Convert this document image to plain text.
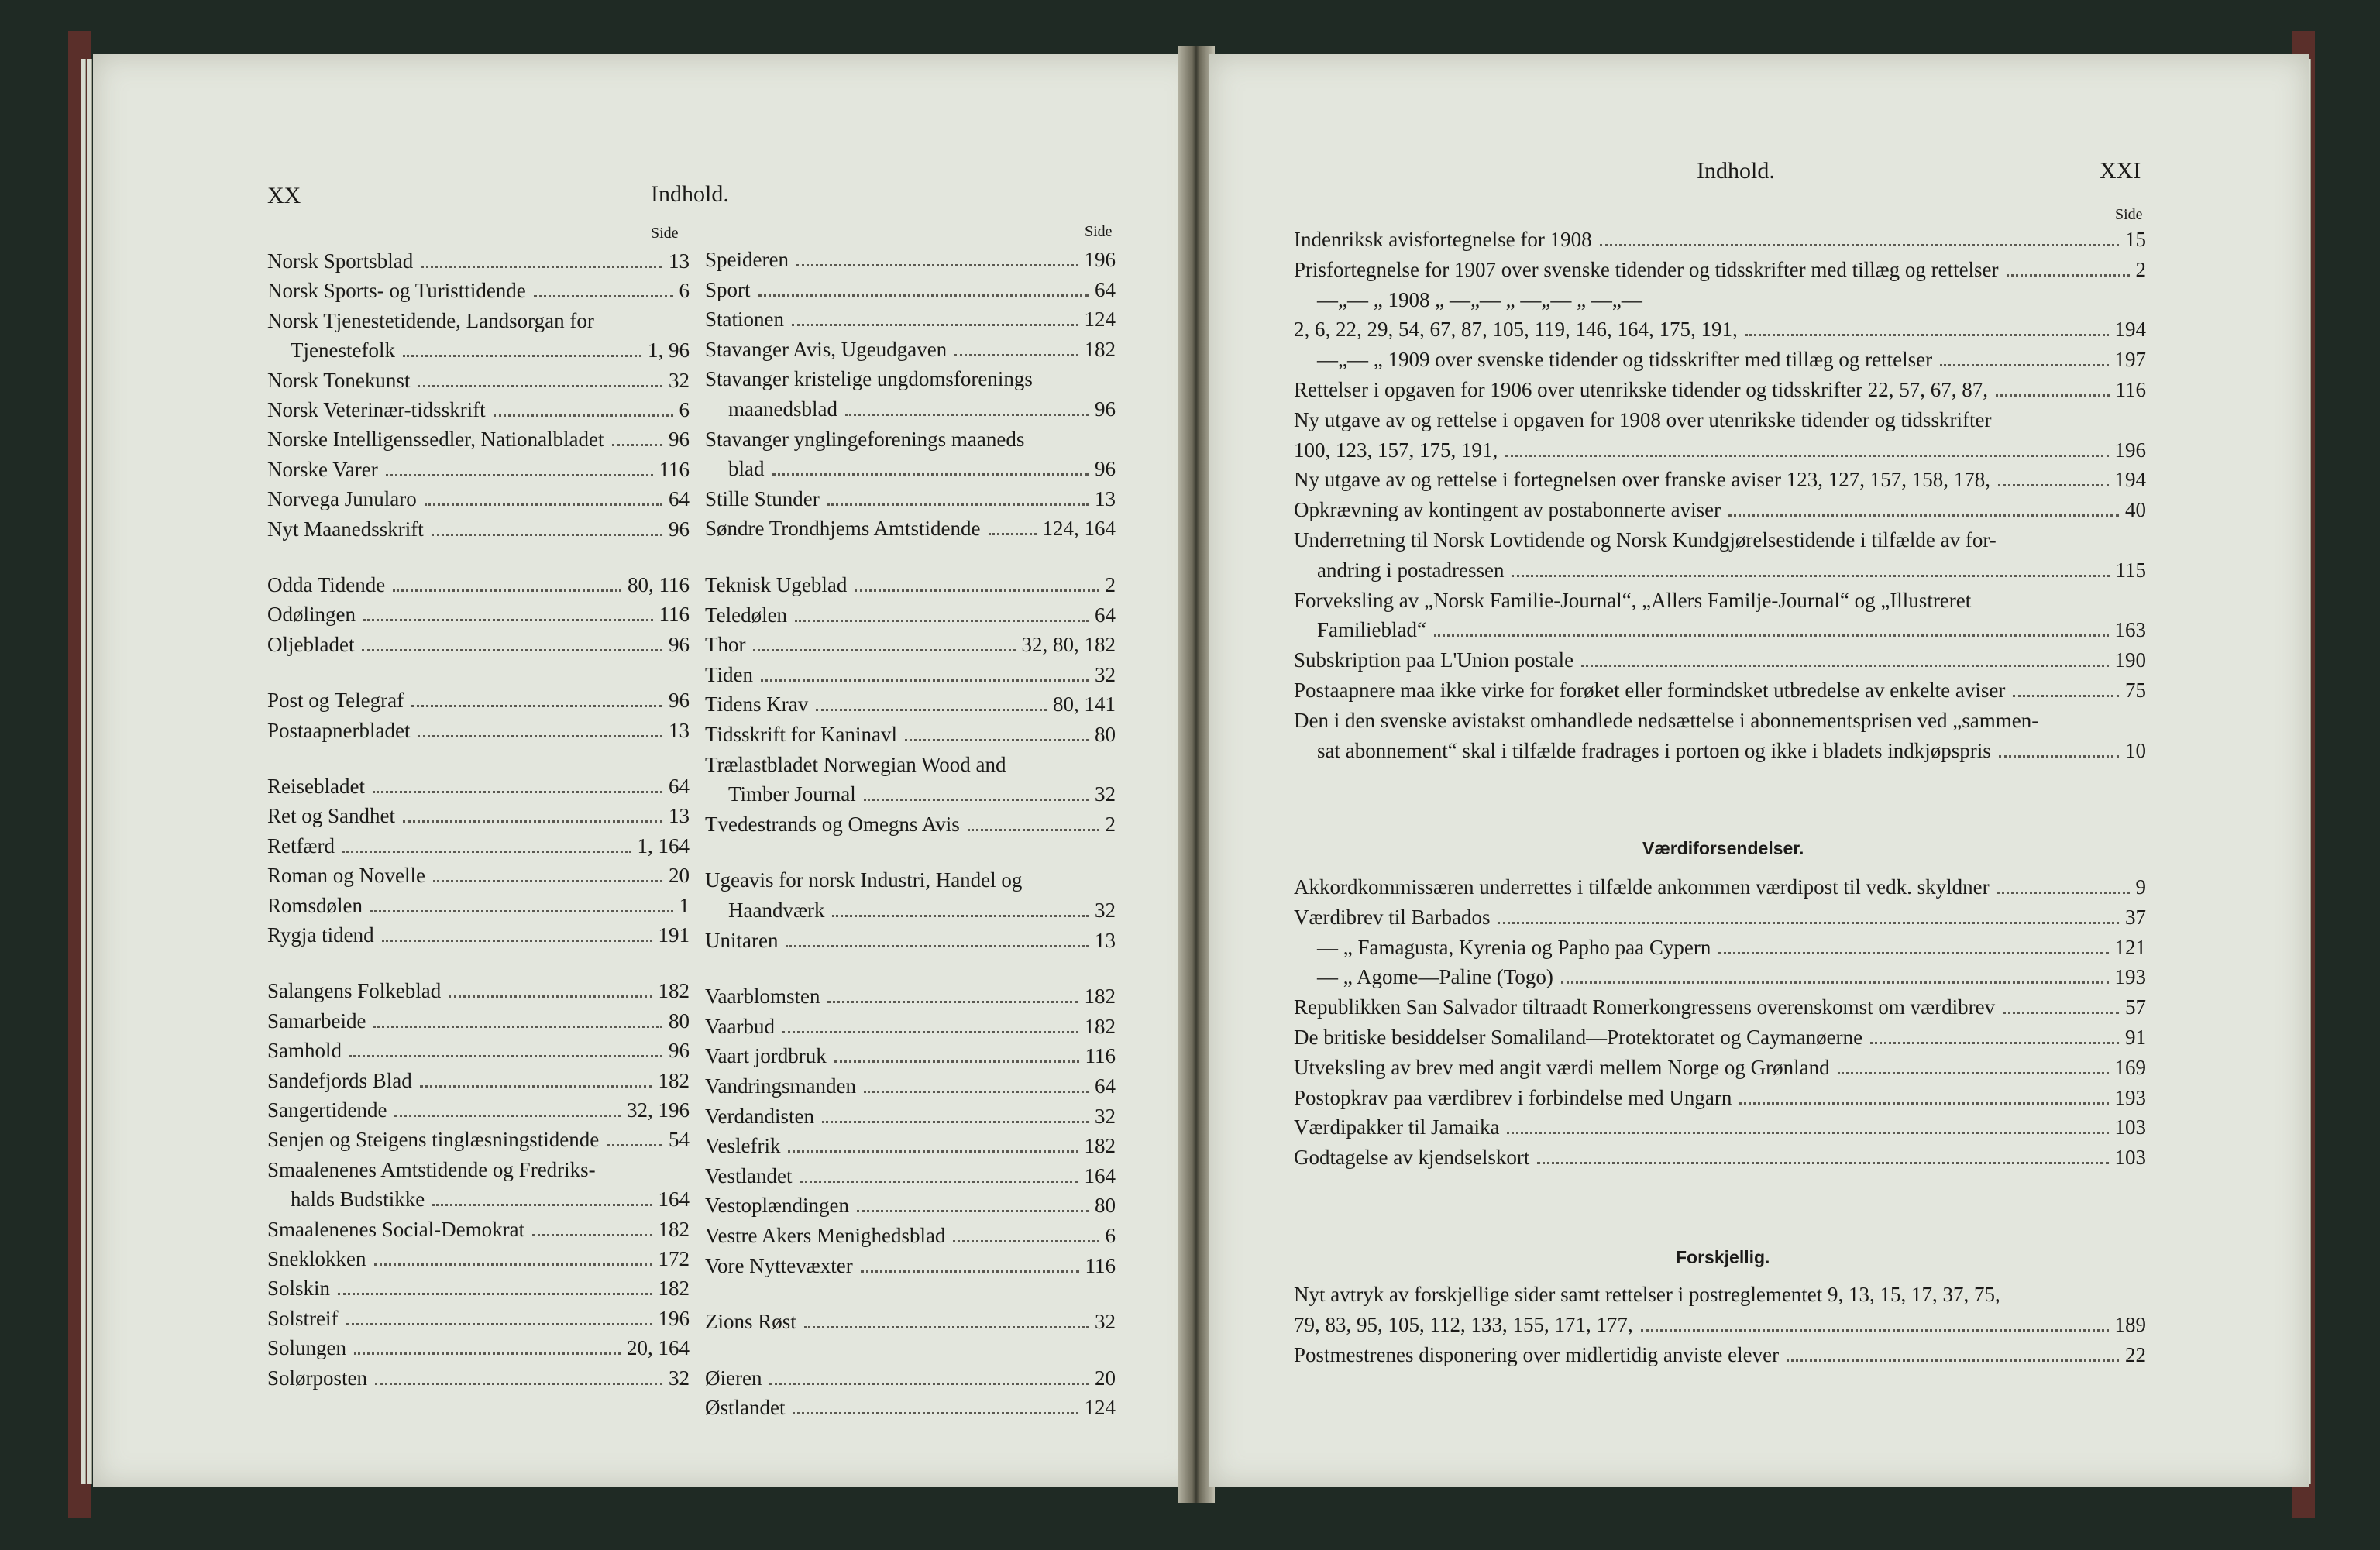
XX	Indhold.
Side	Side
Norsk Sportsblad	13
Norsk Sports- og Turisttidende	6
Norsk Tjenestetidende, Landsorgan for
Tjenestefolk	1, 96
Norsk Tonekunst	32
Norsk Veterinær-tidsskrift	6
Norske Intelligenssedler, Nationalbladet	96
Norske Varer	116
Norvega Junularo	64
Nyt Maanedsskrift	96
Odda Tidende	80, 116
Odølingen	116
Oljebladet	96
Post og Telegraf	96
Postaapnerbladet	13
Reisebladet	64
Ret og Sandhet	13
Retfærd	1, 164
Roman og Novelle	20
Romsdølen	1
Rygja tidend	191
Salangens Folkeblad	182
Samarbeide	80
Samhold	96
Sandefjords Blad	182
Sangertidende	32, 196
Senjen og Steigens tinglæsningstidende	54
Smaalenenes Amtstidende og Fredriks-
halds Budstikke	164
Smaalenenes Social-Demokrat	182
Sneklokken	172
Solskin	182
Solstreif	196
Solungen	20, 164
Solørposten	32
Speideren	196
Sport	64
Stationen	124
Stavanger Avis, Ugeudgaven	182
Stavanger kristelige ungdomsforenings
maanedsblad	96
Stavanger ynglingeforenings maaneds
blad	96
Stille Stunder	13
Søndre Trondhjems Amtstidende	124, 164
Teknisk Ugeblad	2
Teledølen	64
Thor	32, 80, 182
Tiden	32
Tidens Krav	80, 141
Tidsskrift for Kaninavl	80
Trælastbladet Norwegian Wood and
Timber Journal	32
Tvedestrands og Omegns Avis	2
Ugeavis for norsk Industri, Handel og
Haandværk	32
Unitaren	13
Vaarblomsten	182
Vaarbud	182
Vaart jordbruk	116
Vandringsmanden	64
Verdandisten	32
Veslefrik	182
Vestlandet	164
Vestoplændingen	80
Vestre Akers Menighedsblad	6
Vore Nyttevæxter	116
Zions Røst	32
Øieren	20
Østlandet	124
Indhold.	XXI
Side
Indenriksk avisfortegnelse for 1908	15
Prisfortegnelse for 1907 over svenske tidender og tidsskrifter med tillæg og rettelser	2
—„— „ 1908 „ —„— „ —„— „ —„—
2, 6, 22, 29, 54, 67, 87, 105, 119, 146, 164, 175, 191,	194
—„— „ 1909 over svenske tidender og tidsskrifter med tillæg og rettelser	197
Rettelser i opgaven for 1906 over utenrikske tidender og tidsskrifter 22, 57, 67, 87,	116
Ny utgave av og rettelse i opgaven for 1908 over utenrikske tidender og tidsskrifter
100, 123, 157, 175, 191,	196
Ny utgave av og rettelse i fortegnelsen over franske aviser 123, 127, 157, 158, 178,	194
Opkrævning av kontingent av postabonnerte aviser	40
Underretning til Norsk Lovtidende og Norsk Kundgjørelsestidende i tilfælde av for-
andring i postadressen	115
Forveksling av „Norsk Familie-Journal“, „Allers Familje-Journal“ og „Illustreret
Familieblad“	163
Subskription paa L'Union postale	190
Postaapnere maa ikke virke for forøket eller formindsket utbredelse av enkelte aviser	75
Den i den svenske avistakst omhandlede nedsættelse i abonnementsprisen ved „sammen-
sat abonnement“ skal i tilfælde fradrages i portoen og ikke i bladets indkjøpspris	10
Værdiforsendelser.
Akkordkommissæren underrettes i tilfælde ankommen værdipost til vedk. skyldner	9
Værdibrev til Barbados	37
— „ Famagusta, Kyrenia og Papho paa Cypern	121
— „ Agome—Paline (Togo)	193
Republikken San Salvador tiltraadt Romerkongressens overenskomst om værdibrev	57
De britiske besiddelser Somaliland—Protektoratet og Caymanøerne	91
Utveksling av brev med angit værdi mellem Norge og Grønland	169
Postopkrav paa værdibrev i forbindelse med Ungarn	193
Værdipakker til Jamaika	103
Godtagelse av kjendselskort	103
Forskjellig.
Nyt avtryk av forskjellige sider samt rettelser i postreglementet 9, 13, 15, 17, 37, 75,
79, 83, 95, 105, 112, 133, 155, 171, 177,	189
Postmestrenes disponering over midlertidig anviste elever	22
